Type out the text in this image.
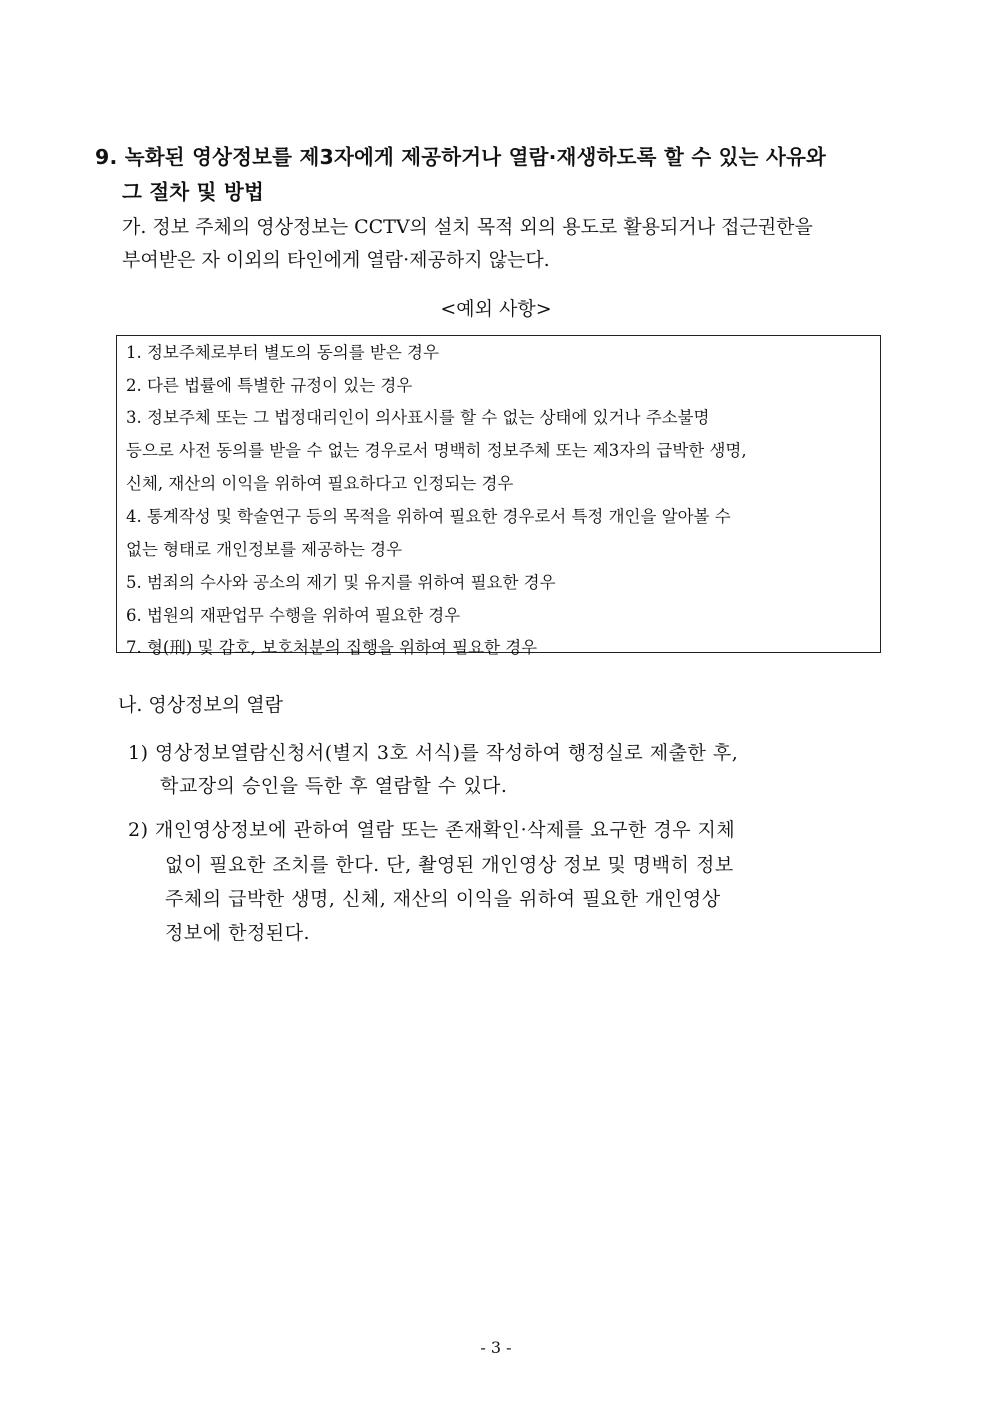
9. 녹화된 영상정보를 제3자에게 제공하거나 열람·재생하도록 할 수 있는 사유와
그 절차 및 방법
가. 정보 주체의 영상정보는 CCTV의 설치 목적 외의 용도로 활용되거나 접근권한을
부여받은 자 이외의 타인에게 열람·제공하지 않는다.
<예외 사항>
1. 정보주체로부터 별도의 동의를 받은 경우
2. 다른 법률에 특별한 규정이 있는 경우
3. 정보주체 또는 그 법정대리인이 의사표시를 할 수 없는 상태에 있거나 주소불명
등으로 사전 동의를 받을 수 없는 경우로서 명백히 정보주체 또는 제3자의 급박한 생명,
신체, 재산의 이익을 위하여 필요하다고 인정되는 경우
4. 통계작성 및 학술연구 등의 목적을 위하여 필요한 경우로서 특정 개인을 알아볼 수
없는 형태로 개인정보를 제공하는 경우
5. 범죄의 수사와 공소의 제기 및 유지를 위하여 필요한 경우
6. 법원의 재판업무 수행을 위하여 필요한 경우
7. 형(刑) 및 감호, 보호처분의 집행을 위하여 필요한 경우
나. 영상정보의 열람
1) 영상정보열람신청서(별지 3호 서식)를 작성하여 행정실로 제출한 후,
학교장의 승인을 득한 후 열람할 수 있다.
2) 개인영상정보에 관하여 열람 또는 존재확인·삭제를 요구한 경우 지체
없이 필요한 조치를 한다. 단, 촬영된 개인영상 정보 및 명백히 정보
주체의 급박한 생명, 신체, 재산의 이익을 위하여 필요한 개인영상
정보에 한정된다.
- 3 -
